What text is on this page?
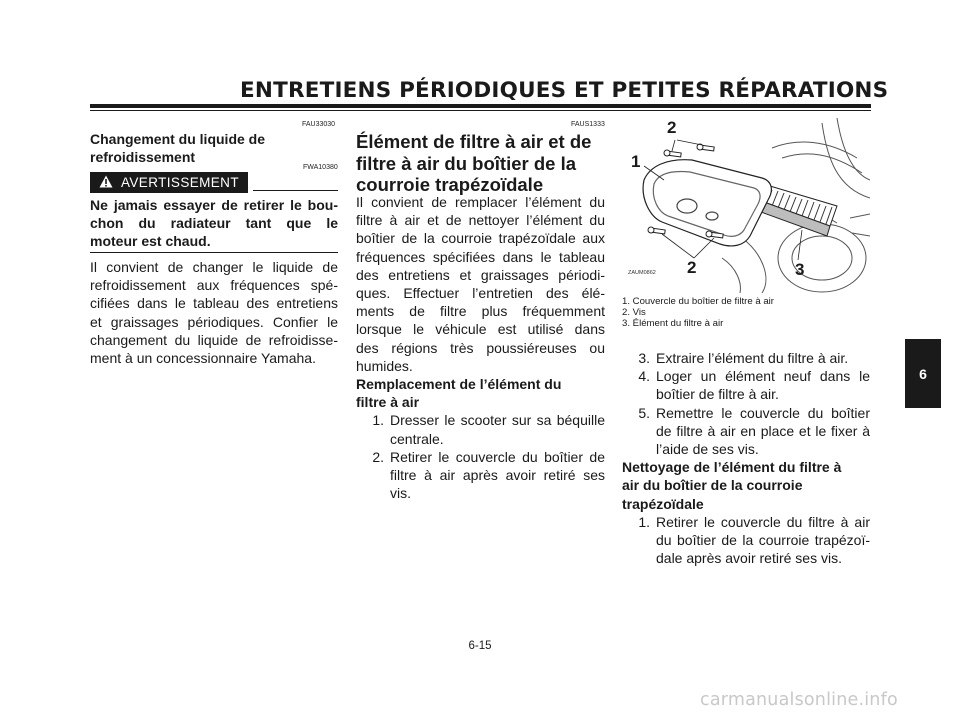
ENTRETIENS PÉRIODIQUES ET PETITES RÉPARATIONS
FAU33030
Changement du liquide de
refroidissement
FWA10380
AVERTISSEMENT

Ne jamais essayer de retirer le bou-

chon du radiateur tant que le

moteur est chaud.

Il convient de changer le liquide de

refroidissement aux fréquences spé-

cifiées dans le tableau des entretiens

et graissages périodiques. Confier le

changement du liquide de refroidisse-

ment à un concessionnaire Yamaha.

FAUS1333
Élément de filtre à air et de
filtre à air du boîtier de la
courroie trapézoïdale

Il convient de remplacer l’élément du

filtre à air et de nettoyer l’élément du

boîtier de la courroie trapézoïdale aux

fréquences spécifiées dans le tableau

des entretiens et graissages périodi-

ques. Effectuer l’entretien des élé-

ments de filtre plus fréquemment

lorsque le véhicule est utilisé dans

des régions très poussiéreuses ou

humides.

Remplacement de l’élément du

filtre à air

1. Dresser le scooter sur sa béquille

centrale.

2. Retirer le couvercle du boîtier de

filtre à air après avoir retiré ses

vis.

2
1
2	3
ZAUM0862
1. Couvercle du boîtier de filtre à air
2. Vis
3. Élément du filtre à air
3. Extraire l’élément du filtre à air.

4. Loger un élément neuf dans le

boîtier de filtre à air.

5. Remettre le couvercle du boîtier

de filtre à air en place et le fixer à

l’aide de ses vis.

Nettoyage de l’élément du filtre à

air du boîtier de la courroie

trapézoïdale

1. Retirer le couvercle du filtre à air

du boîtier de la courroie trapézoï-

dale après avoir retiré ses vis.

6
6-15
carmanualsonline.info
